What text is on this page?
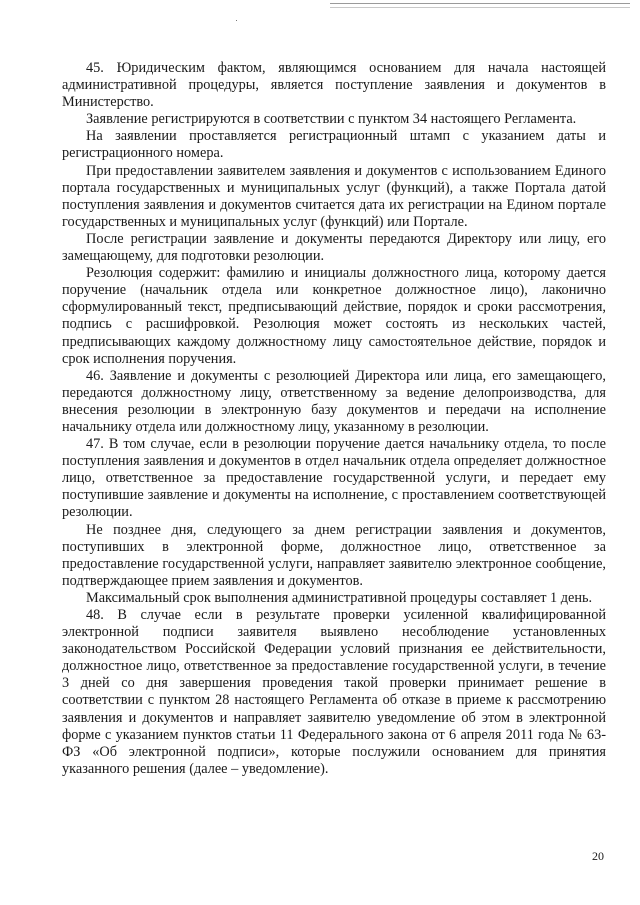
45. Юридическим фактом, являющимся основанием для начала настоящей административной процедуры, является поступление заявления и документов в Министерство.

Заявление регистрируются в соответствии с пунктом 34 настоящего Регламента.

На заявлении проставляется регистрационный штамп с указанием даты и регистрационного номера.

При предоставлении заявителем заявления и документов с использованием Единого портала государственных и муниципальных услуг (функций), а также Портала датой поступления заявления и документов считается дата их регистрации на Едином портале государственных и муниципальных услуг (функций) или Портале.

После регистрации заявление и документы передаются Директору или лицу, его замещающему, для подготовки резолюции.

Резолюция содержит: фамилию и инициалы должностного лица, которому дается поручение (начальник отдела или конкретное должностное лицо), лаконично сформулированный текст, предписывающий действие, порядок и сроки рассмотрения, подпись с расшифровкой. Резолюция может состоять из нескольких частей, предписывающих каждому должностному лицу самостоятельное действие, порядок и срок исполнения поручения.

46. Заявление и документы с резолюцией Директора или лица, его замещающего, передаются должностному лицу, ответственному за ведение делопроизводства, для внесения резолюции в электронную базу документов и передачи на исполнение начальнику отдела или должностному лицу, указанному в резолюции.

47. В том случае, если в резолюции поручение дается начальнику отдела, то после поступления заявления и документов в отдел начальник отдела определяет должностное лицо, ответственное за предоставление государственной услуги, и передает ему поступившие заявление и документы на исполнение, с проставлением соответствующей резолюции.

Не позднее дня, следующего за днем регистрации заявления и документов, поступивших в электронной форме, должностное лицо, ответственное за предоставление государственной услуги, направляет заявителю электронное сообщение, подтверждающее прием заявления и документов.

Максимальный срок выполнения административной процедуры составляет 1 день.

48. В случае если в результате проверки усиленной квалифицированной электронной подписи заявителя выявлено несоблюдение установленных законодательством Российской Федерации условий признания ее действительности, должностное лицо, ответственное за предоставление государственной услуги, в течение 3 дней со дня завершения проведения такой проверки принимает решение в соответствии с пунктом 28 настоящего Регламента об отказе в приеме к рассмотрению заявления и документов и направляет заявителю уведомление об этом в электронной форме с указанием пунктов статьи 11 Федерального закона от 6 апреля 2011 года № 63-ФЗ «Об электронной подписи», которые послужили основанием для принятия указанного решения (далее – уведомление).

20
